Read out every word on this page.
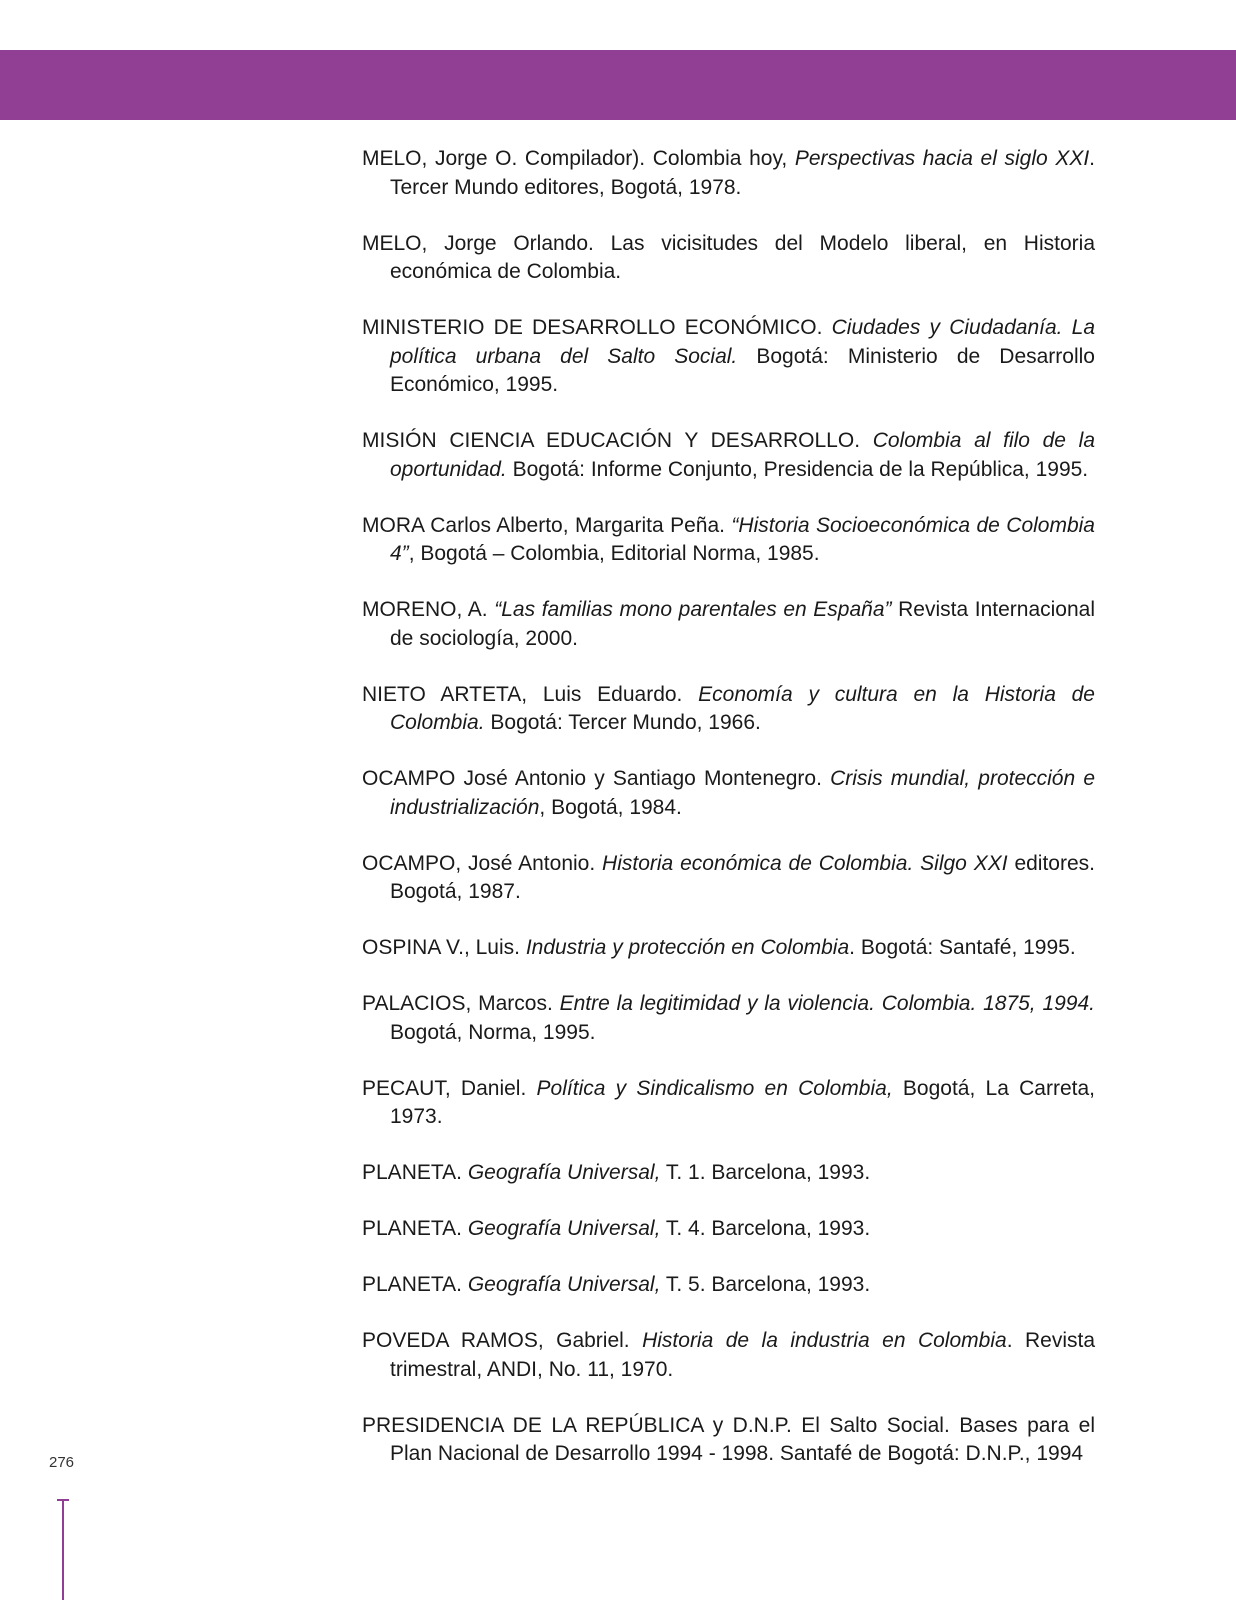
MELO, Jorge O. Compilador). Colombia hoy, Perspectivas hacia el siglo XXI. Tercer Mundo editores, Bogotá, 1978.

MELO, Jorge Orlando. Las vicisitudes del Modelo liberal, en Historia económica de Colombia.

MINISTERIO DE DESARROLLO ECONÓMICO. Ciudades y Ciudadanía. La política urbana del Salto Social. Bogotá: Ministerio de Desarrollo Económico, 1995.

MISIÓN CIENCIA EDUCACIÓN Y DESARROLLO. Colombia al filo de la oportunidad. Bogotá: Informe Conjunto, Presidencia de la República, 1995.

MORA Carlos Alberto, Margarita Peña. “Historia Socioeconómica de Colombia 4”, Bogotá – Colombia, Editorial Norma, 1985.

MORENO, A. “Las familias mono parentales en España” Revista Internacional de sociología, 2000.

NIETO ARTETA, Luis Eduardo. Economía y cultura en la Historia de Colombia. Bogotá: Tercer Mundo, 1966.

OCAMPO José Antonio y Santiago Montenegro. Crisis mundial, protección e industrialización, Bogotá, 1984.

OCAMPO, José Antonio. Historia económica de Colombia. Silgo XXI editores. Bogotá, 1987.

OSPINA V., Luis. Industria y protección en Colombia. Bogotá: Santafé, 1995.

PALACIOS, Marcos. Entre la legitimidad y la violencia. Colombia. 1875, 1994. Bogotá, Norma, 1995.

PECAUT, Daniel. Política y Sindicalismo en Colombia, Bogotá, La Carreta, 1973.

PLANETA. Geografía Universal, T. 1. Barcelona, 1993.

PLANETA. Geografía Universal, T. 4. Barcelona, 1993.

PLANETA. Geografía Universal, T. 5. Barcelona, 1993.

POVEDA RAMOS, Gabriel. Historia de la industria en Colombia. Revista trimestral, ANDI, No. 11, 1970.

PRESIDENCIA DE LA REPÚBLICA y D.N.P. El Salto Social. Bases para el Plan Nacional de Desarrollo 1994 - 1998. Santafé de Bogotá: D.N.P., 1994

276
